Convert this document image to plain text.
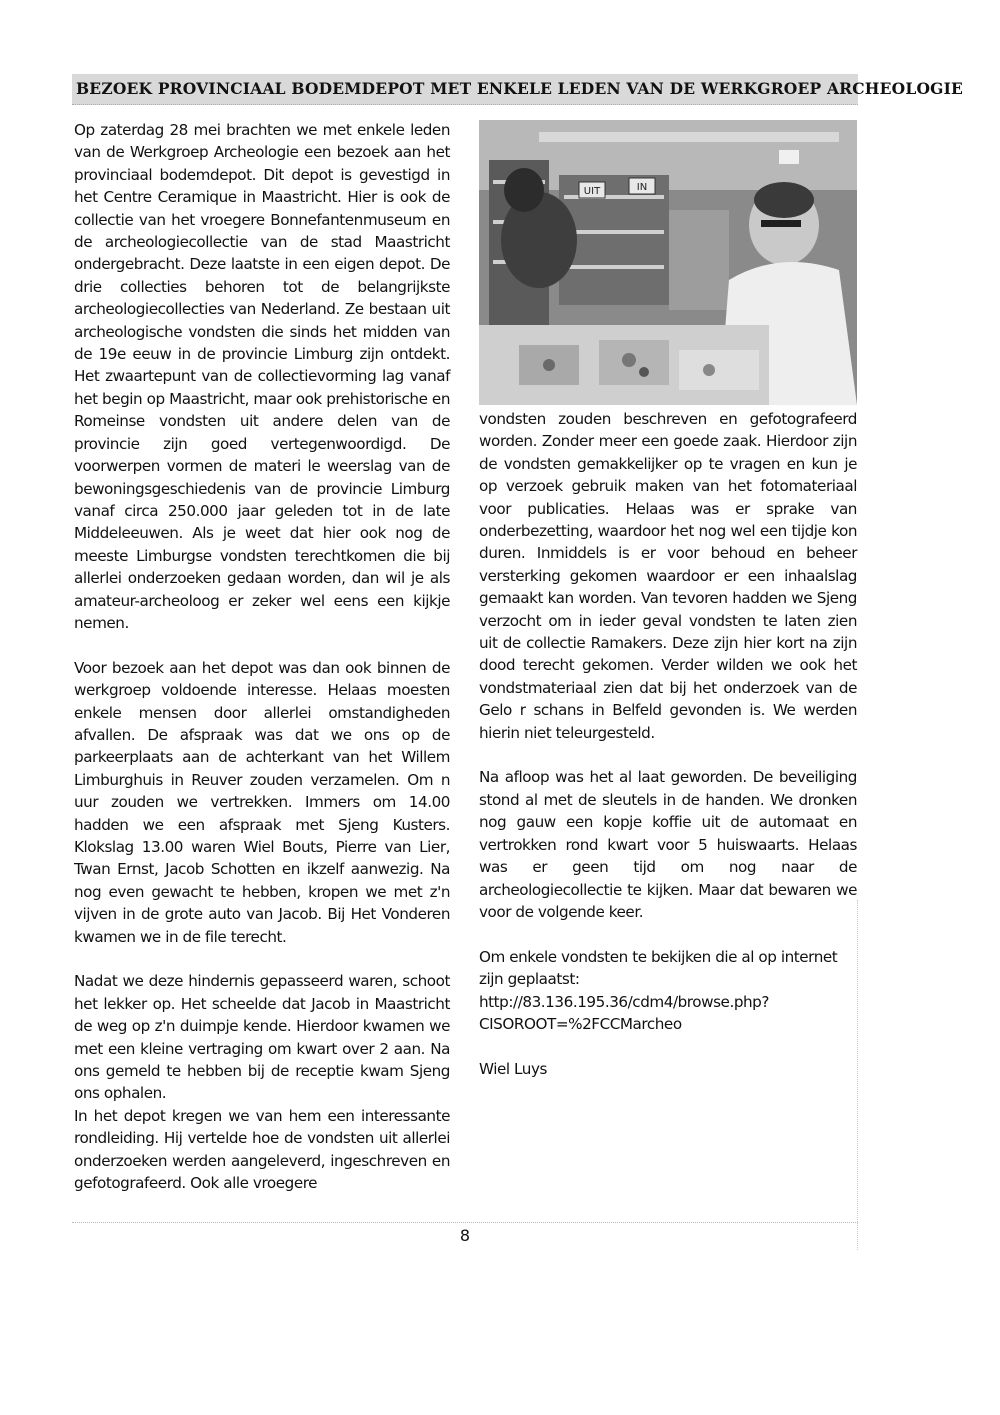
BEZOEK PROVINCIAAL BODEMDEPOT MET ENKELE LEDEN VAN DE WERKGROEP ARCHEOLOGIE

Op zaterdag 28 mei brachten we met enkele leden van de Werkgroep Archeologie een bezoek aan het provinciaal bodemdepot. Dit depot is gevestigd in het Centre Ceramique in Maastricht. Hier is ook de collectie van het vroegere Bonnefantenmuseum en de archeologiecollectie van de stad Maastricht ondergebracht. Deze laatste in een eigen depot. De drie collecties behoren tot de belangrijkste archeologiecollecties van Nederland. Ze bestaan uit archeologische vondsten die sinds het midden van de 19e eeuw in de provincie Limburg zijn ontdekt. Het zwaartepunt van de collectievorming lag vanaf het begin op Maastricht, maar ook prehistorische en Romeinse vondsten uit andere delen van de provincie zijn goed vertegenwoordigd. De voorwerpen vormen de materi le weerslag van de bewoningsgeschiedenis van de provincie Limburg vanaf circa 250.000 jaar geleden tot in de late Middeleeuwen. Als je weet dat hier ook nog de meeste Limburgse vondsten terechtkomen die bij allerlei onderzoeken gedaan worden, dan wil je als amateur-archeoloog er zeker wel eens een kijkje nemen.

Voor bezoek aan het depot was dan ook binnen de werkgroep voldoende interesse. Helaas moesten enkele mensen door allerlei omstandigheden afvallen. De afspraak was dat we ons op de parkeerplaats aan de achterkant van het Willem Limburghuis in Reuver zouden verzamelen. Om n uur zouden we vertrekken. Immers om 14.00 hadden we een afspraak met Sjeng Kusters. Klokslag 13.00 waren Wiel Bouts, Pierre van Lier, Twan Ernst, Jacob Schotten en ikzelf aanwezig. Na nog even gewacht te hebben, kropen we met z'n vijven in de grote auto van Jacob. Bij Het Vonderen kwamen we in de file terecht.

Nadat we deze hindernis gepasseerd waren, schoot het lekker op. Het scheelde dat Jacob in Maastricht de weg op z'n duimpje kende. Hierdoor kwamen we met een kleine vertraging om kwart over 2 aan. Na ons gemeld te hebben bij de receptie kwam Sjeng ons ophalen.

In het depot kregen we van hem een interessante rondleiding. Hij vertelde hoe de vondsten uit allerlei onderzoeken werden aangeleverd, ingeschreven en gefotografeerd. Ook alle vroegere

UIT	IN

vondsten zouden beschreven en gefotografeerd worden. Zonder meer een goede zaak. Hierdoor zijn de vondsten gemakkelijker op te vragen en kun je op verzoek gebruik maken van het fotomateriaal voor publicaties. Helaas was er sprake van onderbezetting, waardoor het nog wel een tijdje kon duren. Inmiddels is er voor behoud en beheer versterking gekomen waardoor er een inhaalslag gemaakt kan worden. Van tevoren hadden we Sjeng verzocht om in ieder geval vondsten te laten zien uit de collectie Ramakers. Deze zijn hier kort na zijn dood terecht gekomen. Verder wilden we ook het vondstmateriaal zien dat bij het onderzoek van de Gelo r schans in Belfeld gevonden is. We werden hierin niet teleurgesteld.

Na afloop was het al laat geworden. De beveiliging stond al met de sleutels in de handen. We dronken nog gauw een kopje koffie uit de automaat en vertrokken rond kwart voor 5 huiswaarts. Helaas was er geen tijd om nog naar de archeologiecollectie te kijken. Maar dat bewaren we voor de volgende keer.

Om enkele vondsten te bekijken die al op internet zijn geplaatst: http://83.136.195.36/cdm4/browse.php?CISOROOT=%2FCCMarcheo

Wiel Luys

8
